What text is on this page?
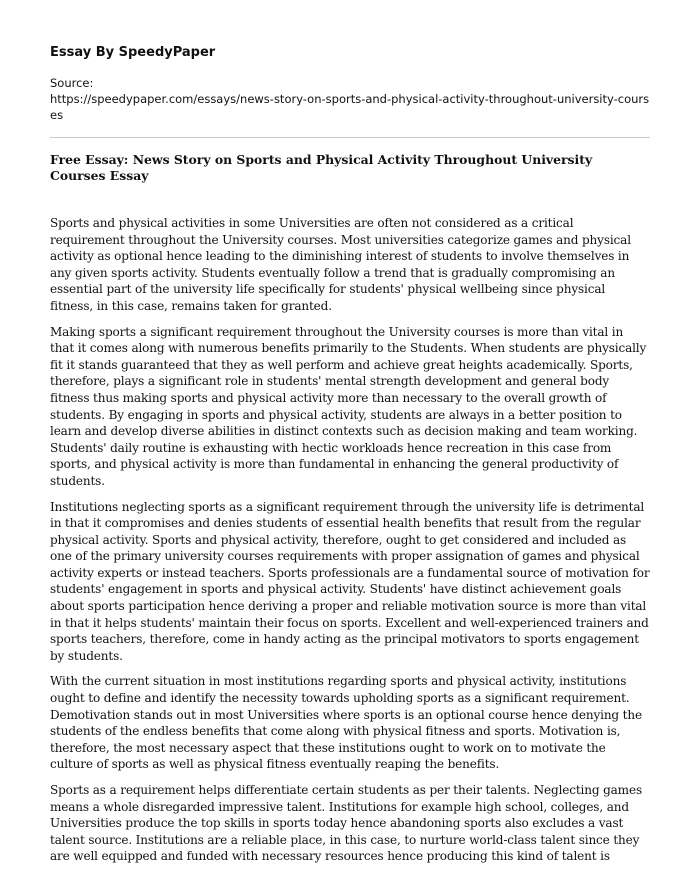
Essay By SpeedyPaper
Source:
https://speedypaper.com/essays/news-story-on-sports-and-physical-activity-throughout-university-courses
Free Essay: News Story on Sports and Physical Activity Throughout University Courses Essay

Sports and physical activities in some Universities are often not considered as a critical requirement throughout the University courses. Most universities categorize games and physical activity as optional hence leading to the diminishing interest of students to involve themselves in any given sports activity. Students eventually follow a trend that is gradually compromising an essential part of the university life specifically for students' physical wellbeing since physical fitness, in this case, remains taken for granted.

Making sports a significant requirement throughout the University courses is more than vital in that it comes along with numerous benefits primarily to the Students. When students are physically fit it stands guaranteed that they as well perform and achieve great heights academically. Sports, therefore, plays a significant role in students' mental strength development and general body fitness thus making sports and physical activity more than necessary to the overall growth of students. By engaging in sports and physical activity, students are always in a better position to learn and develop diverse abilities in distinct contexts such as decision making and team working. Students' daily routine is exhausting with hectic workloads hence recreation in this case from sports, and physical activity is more than fundamental in enhancing the general productivity of students.

Institutions neglecting sports as a significant requirement through the university life is detrimental in that it compromises and denies students of essential health benefits that result from the regular physical activity. Sports and physical activity, therefore, ought to get considered and included as one of the primary university courses requirements with proper assignation of games and physical activity experts or instead teachers. Sports professionals are a fundamental source of motivation for students' engagement in sports and physical activity. Students' have distinct achievement goals about sports participation hence deriving a proper and reliable motivation source is more than vital in that it helps students' maintain their focus on sports. Excellent and well-experienced trainers and sports teachers, therefore, come in handy acting as the principal motivators to sports engagement by students.

With the current situation in most institutions regarding sports and physical activity, institutions ought to define and identify the necessity towards upholding sports as a significant requirement. Demotivation stands out in most Universities where sports is an optional course hence denying the students of the endless benefits that come along with physical fitness and sports. Motivation is, therefore, the most necessary aspect that these institutions ought to work on to motivate the culture of sports as well as physical fitness eventually reaping the benefits.

Sports as a requirement helps differentiate certain students as per their talents. Neglecting games means a whole disregarded impressive talent. Institutions for example high school, colleges, and Universities produce the top skills in sports today hence abandoning sports also excludes a vast talent source. Institutions are a reliable place, in this case, to nurture world-class talent since they are well equipped and funded with necessary resources hence producing this kind of talent is
